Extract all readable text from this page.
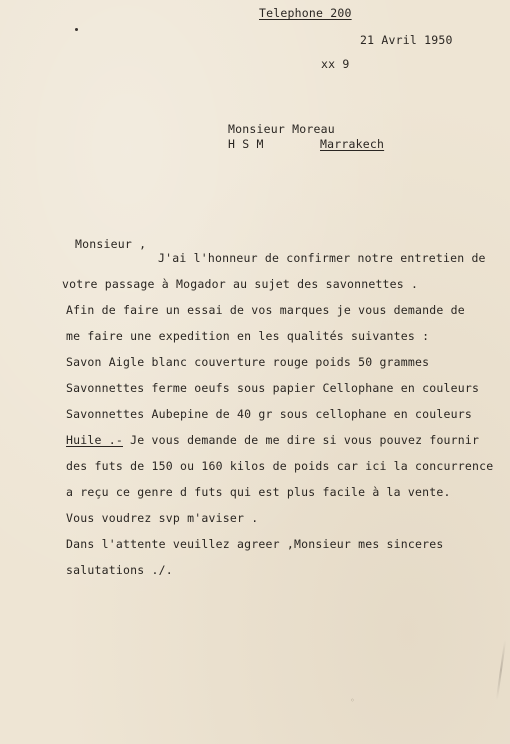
Telephone 200
21 Avril 1950
xx 9
Monsieur Moreau
H S M	Marrakech
Monsieur ,
J'ai l'honneur de confirmer notre entretien de
votre passage à Mogador au sujet des savonnettes .
Afin de faire un essai de vos marques je vous demande de
me faire une expedition en les qualités suivantes :
Savon Aigle blanc couverture rouge poids 50 grammes
Savonnettes ferme oeufs sous papier Cellophane en couleurs
Savonnettes Aubepine de 40 gr sous cellophane en couleurs
Huile .- Je vous demande de me dire si vous pouvez fournir
des futs de 150 ou 160 kilos de poids car ici la concurrence
a reçu ce genre d futs qui est plus facile à la vente.
Vous voudrez svp m'aviser .
Dans l'attente veuillez agreer ,Monsieur mes sinceres
salutations ./.
◦
